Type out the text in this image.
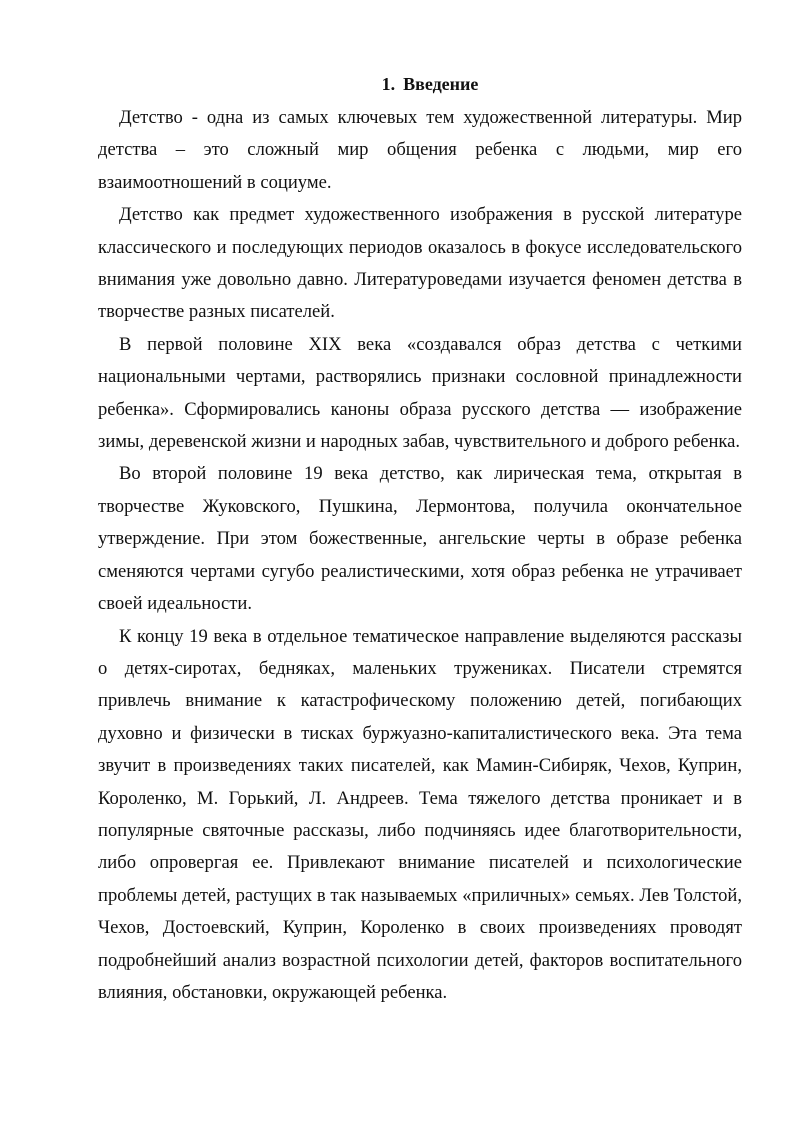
1. Введение

Детство - одна из самых ключевых тем художественной литературы. Мир детства – это сложный мир общения ребенка с людьми, мир его взаимоотношений в социуме.

Детство как предмет художественного изображения в русской литературе классического и последующих периодов оказалось в фокусе исследовательского внимания уже довольно давно. Литературоведами изучается феномен детства в творчестве разных писателей.

В первой половине XIX века «создавался образ детства с четкими национальными чертами, растворялись признаки сословной принадлежности ребенка». Сформировались каноны образа русского детства — изображение зимы, деревенской жизни и народных забав, чувствительного и доброго ребенка.

Во второй половине 19 века детство, как лирическая тема, открытая в творчестве Жуковского, Пушкина, Лермонтова, получила окончательное утверждение. При этом божественные, ангельские черты в образе ребенка сменяются чертами сугубо реалистическими, хотя образ ребенка не утрачивает своей идеальности.

К концу 19 века в отдельное тематическое направление выделяются рассказы о детях-сиротах, бедняках, маленьких тружениках. Писатели стремятся привлечь внимание к катастрофическому положению детей, погибающих духовно и физически в тисках буржуазно-капиталистического века. Эта тема звучит в произведениях таких писателей, как Мамин-Сибиряк, Чехов, Куприн, Короленко, М. Горький, Л. Андреев. Тема тяжелого детства проникает и в популярные святочные рассказы, либо подчиняясь идее благотворительности, либо опровергая ее. Привлекают внимание писателей и психологические проблемы детей, растущих в так называемых «приличных» семьях. Лев Толстой, Чехов, Достоевский, Куприн, Короленко в своих произведениях проводят подробнейший анализ возрастной психологии детей, факторов воспитательного влияния, обстановки, окружающей ребенка.
